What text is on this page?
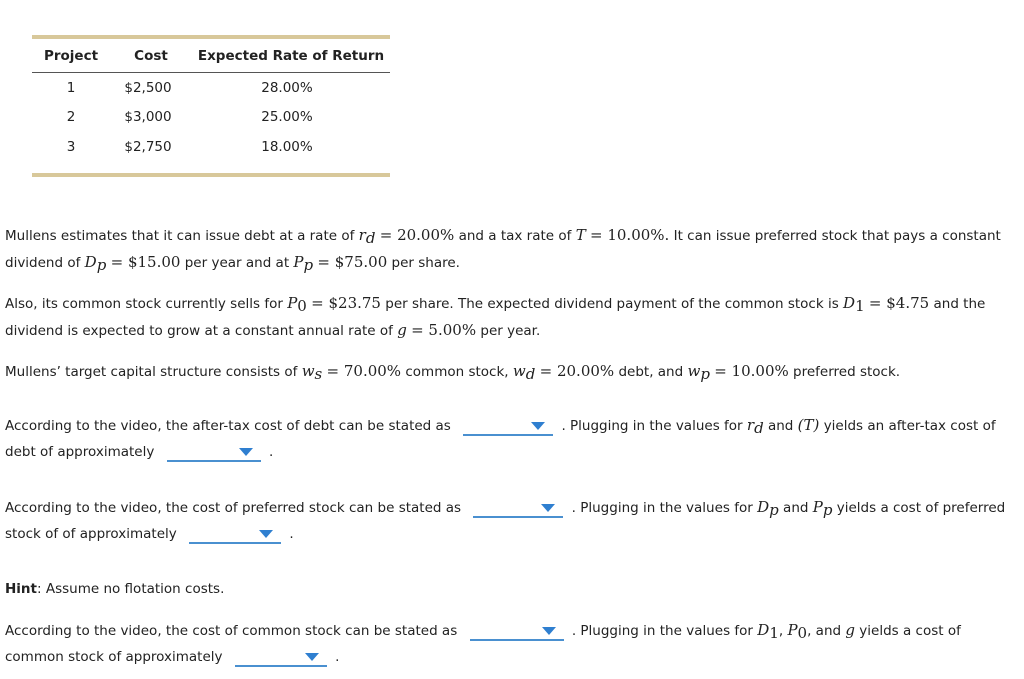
Project	Cost	Expected Rate of Return
1	$2,500	28.00%
2	$3,000	25.00%
3	$2,750	18.00%

Mullens estimates that it can issue debt at a rate of $r_d = 20.00\%$ and a tax rate of T = 10.00%. It can issue preferred stock that pays a constant
dividend of $D_p$ = $15.00 per year and at $P_p$ = $75.00 per share.
Also, its common stock currently sells for $P_0$ = $23.75 per share. The expected dividend payment of the common stock is $D_1$ = $4.75 and the
dividend is expected to grow at a constant annual rate of g = 5.00% per year.
Mullens’ target capital structure consists of $w_s = 70.00\%$ common stock, $w_d = 20.00\%$ debt, and $w_p = 10.00\%$ preferred stock.
According to the video, the after-tax cost of debt can be stated as	. Plugging in the values for $r_d$ and (T) yields an after-tax cost of
debt of approximately	.
According to the video, the cost of preferred stock can be stated as	. Plugging in the values for $D_p$ and $P_p$ yields a cost of preferred
stock of of approximately	.
Hint: Assume no flotation costs.
According to the video, the cost of common stock can be stated as	. Plugging in the values for $D_1$, $P_0$, and g yields a cost of
common stock of approximately	.
